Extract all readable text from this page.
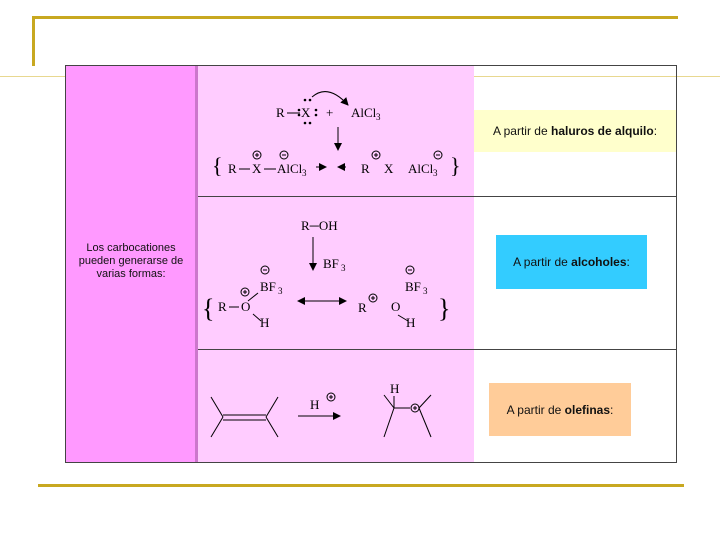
Los carbocationes
pueden generarse de
varias formas:
A partir de
haluros de alquilo :
A partir de
alcoholes :
A partir de
olefinas :
R X + AlCl 3
{ R X AlCl 3	R X AlCl 3 }
R─OH
BF 3
{
BF 3
R O
H
BF 3
R O
H }
H
H
